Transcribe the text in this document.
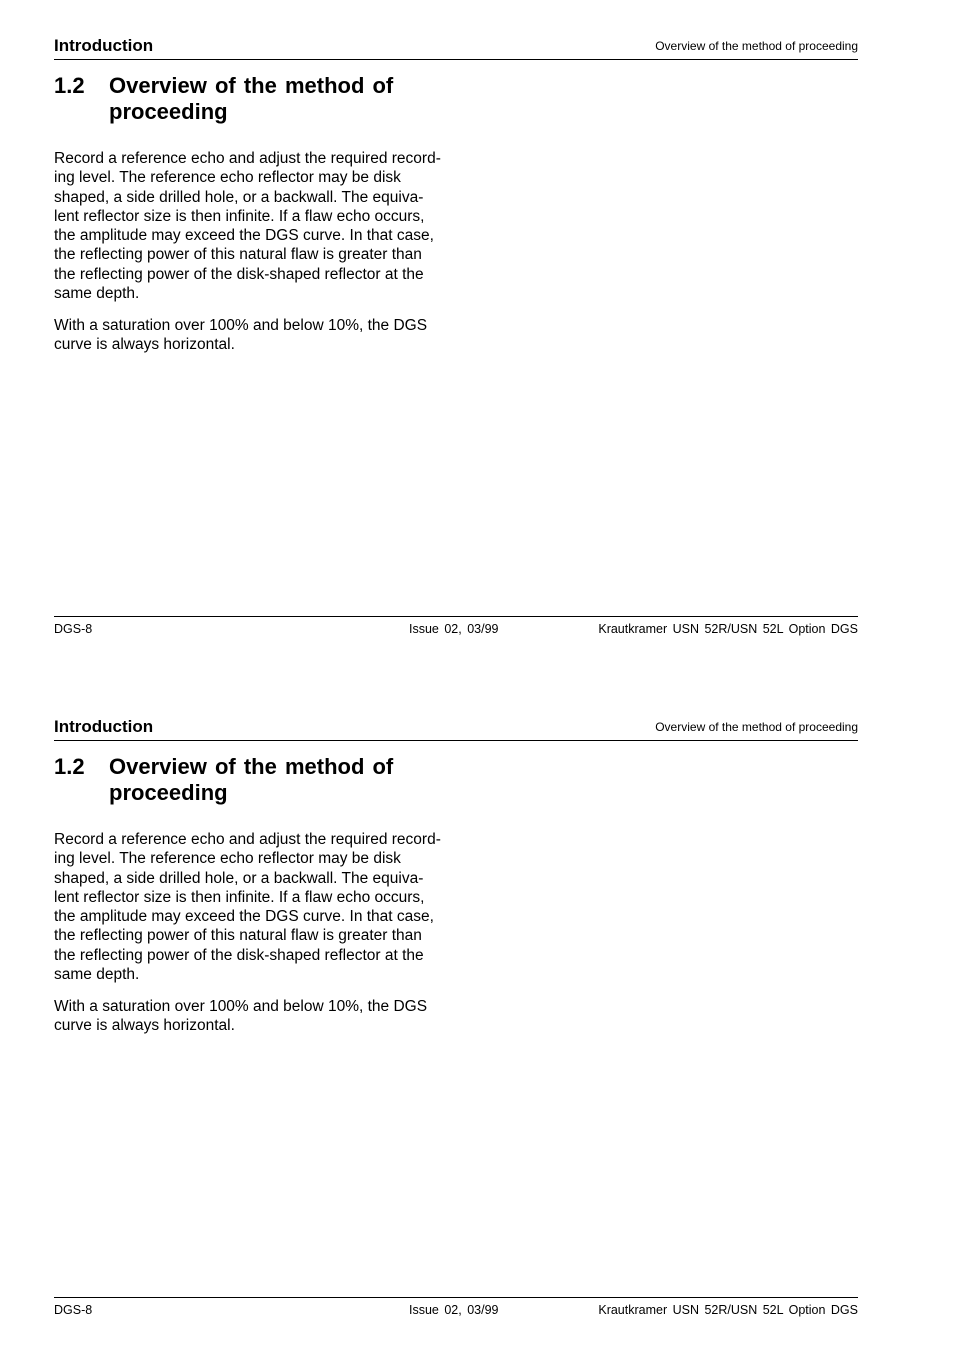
Introduction	Overview of the method of proceeding
1.2 Overview of the method of proceeding

Record a reference echo and adjust the required record-ing level. The reference echo reflector may be disk shaped, a side drilled hole, or a backwall. The equiva-lent reflector size is then infinite. If a flaw echo occurs, the amplitude may exceed the DGS curve. In that case, the reflecting power of this natural flaw is greater than the reflecting power of the disk-shaped reflector at the same depth.

With a saturation over 100% and below 10%, the DGS curve is always horizontal.

DGS-8	Issue 02, 03/99	Krautkramer USN 52R/USN 52L Option DGS
Introduction	Overview of the method of proceeding
1.2 Overview of the method of proceeding

Record a reference echo and adjust the required record-ing level. The reference echo reflector may be disk shaped, a side drilled hole, or a backwall. The equiva-lent reflector size is then infinite. If a flaw echo occurs, the amplitude may exceed the DGS curve. In that case, the reflecting power of this natural flaw is greater than the reflecting power of the disk-shaped reflector at the same depth.

With a saturation over 100% and below 10%, the DGS curve is always horizontal.

DGS-8	Issue 02, 03/99	Krautkramer USN 52R/USN 52L Option DGS
